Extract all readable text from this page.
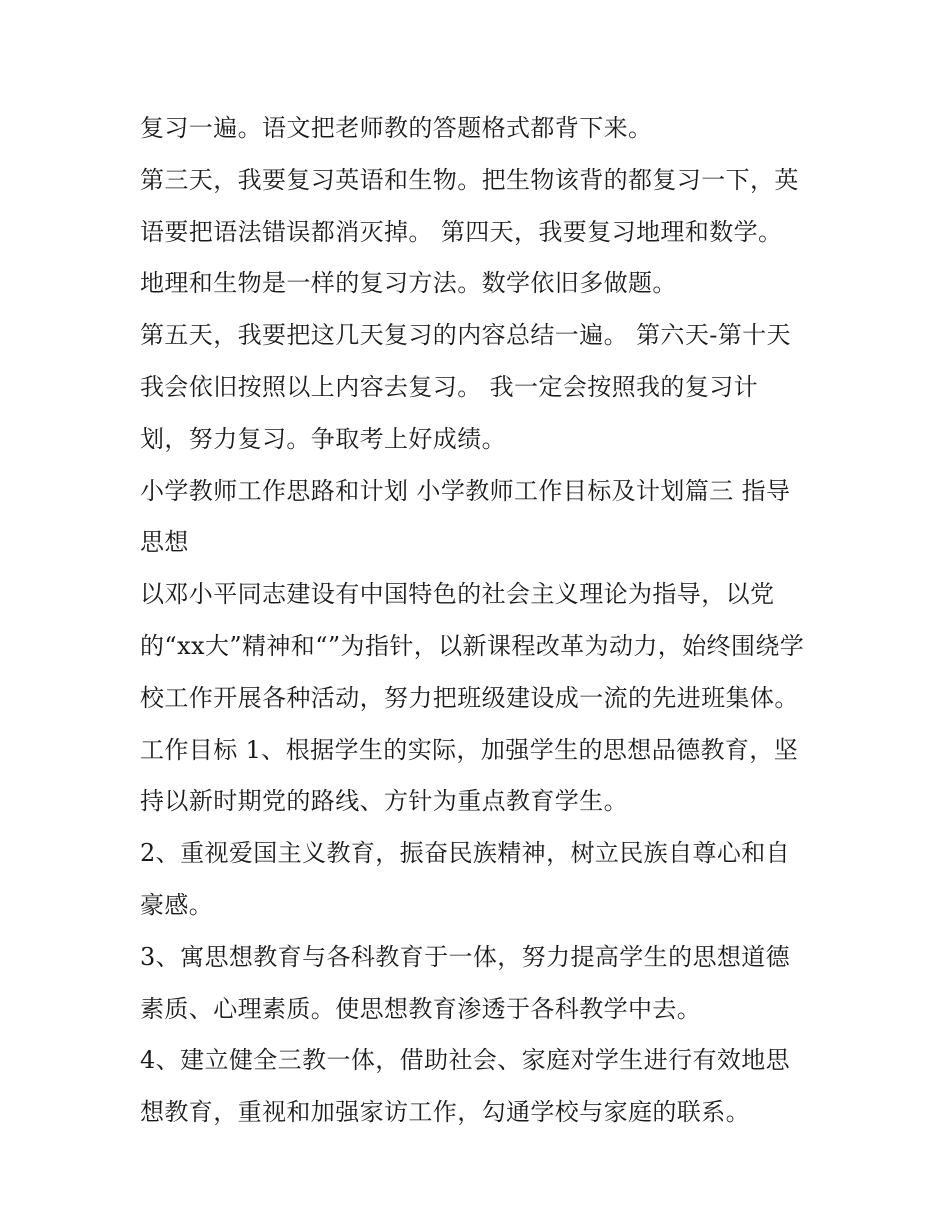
复习一遍。语文把老师教的答题格式都背下来。
第三天，我要复习英语和生物。把生物该背的都复习一下，英
语要把语法错误都消灭掉。 第四天，我要复习地理和数学。
地理和生物是一样的复习方法。数学依旧多做题。
第五天，我要把这几天复习的内容总结一遍。 第六天-第十天
我会依旧按照以上内容去复习。 我一定会按照我的复习计
划，努力复习。争取考上好成绩。
小学教师工作思路和计划 小学教师工作目标及计划篇三 指导
思想
以邓小平同志建设有中国特色的社会主义理论为指导，以党
的“xx大”精神和“”为指针，以新课程改革为动力，始终围绕学
校工作开展各种活动，努力把班级建设成一流的先进班集体。
工作目标 1、根据学生的实际，加强学生的思想品德教育，坚
持以新时期党的路线、方针为重点教育学生。
2、重视爱国主义教育，振奋民族精神，树立民族自尊心和自
豪感。
3、寓思想教育与各科教育于一体，努力提高学生的思想道德
素质、心理素质。使思想教育渗透于各科教学中去。
4、建立健全三教一体，借助社会、家庭对学生进行有效地思
想教育，重视和加强家访工作，勾通学校与家庭的联系。
